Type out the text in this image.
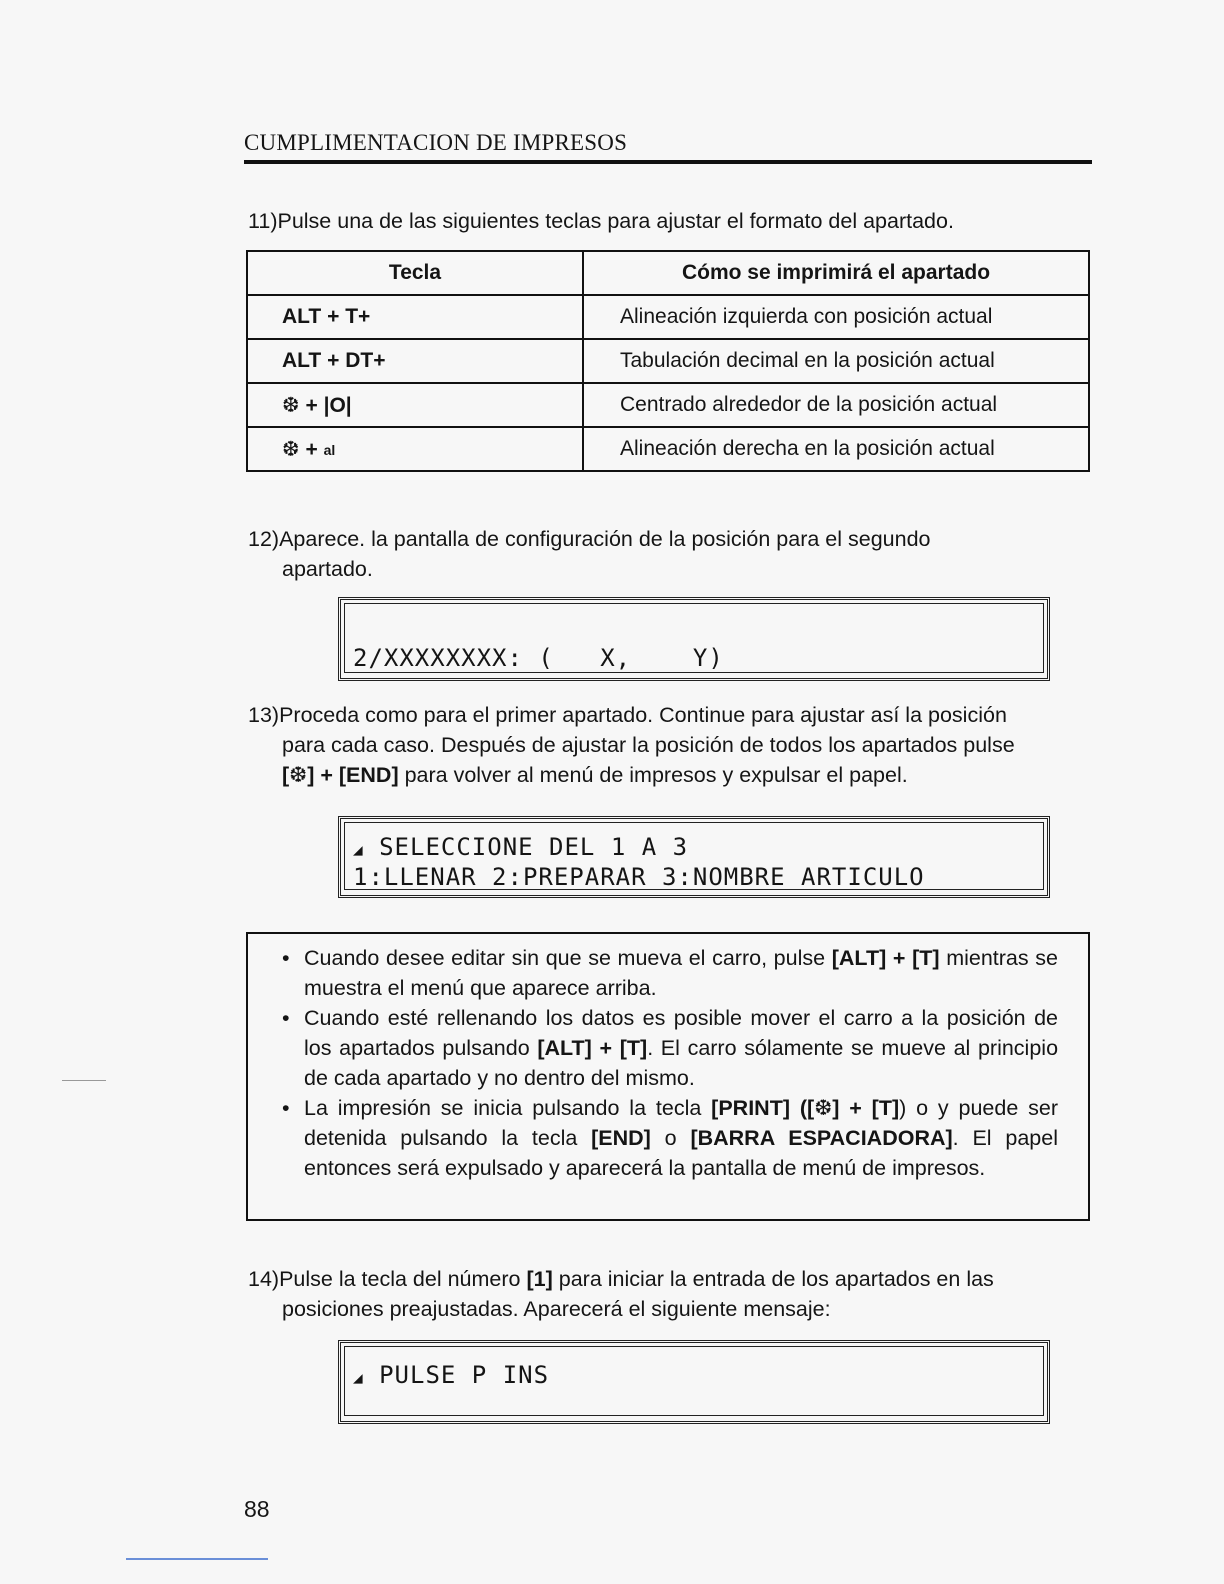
CUMPLIMENTACION DE IMPRESOS
11)Pulse una de las siguientes teclas para ajustar el formato del apartado.
Tecla	Cómo se imprimirá el apartado
ALT + T+	Alineación izquierda con posición actual
ALT + DT+	Tabulación decimal en la posición actual
❆ + |O|	Centrado alrededor de la posición actual
❆ + al	Alineación derecha en la posición actual
12)Aparece. la pantalla de configuración de la posición para el segundo
apartado.
2/XXXXXXXX: (   X,    Y)
13)Proceda como para el primer apartado. Continue para ajustar así la posición
para cada caso. Después de ajustar la posición de todos los apartados pulse
[❆] + [END] para volver al menú de impresos y expulsar el papel.
◢ SELECCIONE DEL 1 A 3
1:LLENAR 2:PREPARAR 3:NOMBRE ARTICULO
• Cuando desee editar sin que se mueva el carro, pulse [ALT] + [T] mientras se muestra el menú que aparece arriba.
• Cuando esté rellenando los datos es posible mover el carro a la posición de los apartados pulsando [ALT] + [T]. El carro sólamente se mueve al principio de cada apartado y no dentro del mismo.
• La impresión se inicia pulsando la tecla [PRINT] ([❆] + [T]) o y puede ser detenida pulsando la tecla [END] o [BARRA ESPACIADORA]. El papel entonces será expulsado y aparecerá la pantalla de menú de impresos.
14)Pulse la tecla del número [1] para iniciar la entrada de los apartados en las
posiciones preajustadas. Aparecerá el siguiente mensaje:
◢ PULSE P INS
88
